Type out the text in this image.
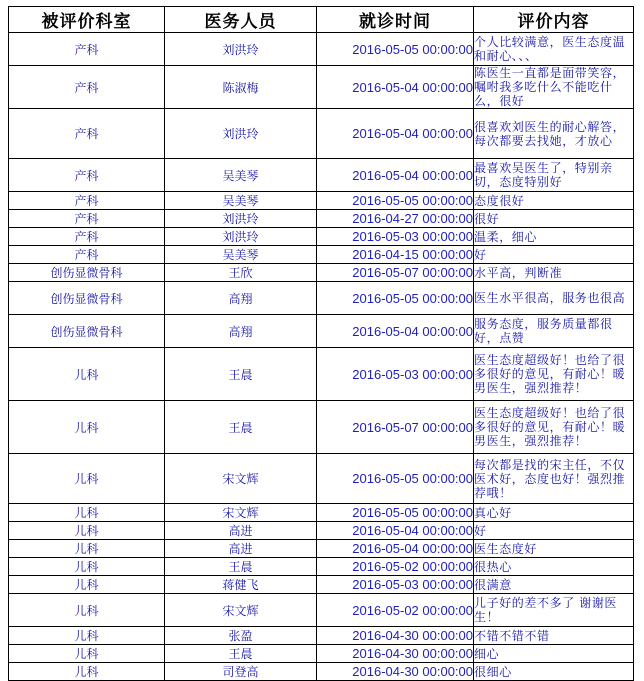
被评价科室	医务人员	就诊时间	评价内容
产科	刘洪玲	2016-05-05 00:00:00	个人比较满意，医生态度温和耐心、、、
产科	陈淑梅	2016-05-04 00:00:00	陈医生一直都是面带笑容，嘱咐我多吃什么不能吃什么，很好
产科	刘洪玲	2016-05-04 00:00:00	很喜欢刘医生的耐心解答，每次都要去找她，才放心
产科	吴美琴	2016-05-04 00:00:00	最喜欢吴医生了，特别亲切，态度特别好
产科	吴美琴	2016-05-05 00:00:00	态度很好
产科	刘洪玲	2016-04-27 00:00:00	很好
产科	刘洪玲	2016-05-03 00:00:00	温柔，细心
产科	吴美琴	2016-04-15 00:00:00	好
创伤显微骨科	王欣	2016-05-07 00:00:00	水平高，判断准
创伤显微骨科	高翔	2016-05-05 00:00:00	医生水平很高，服务也很高
创伤显微骨科	高翔	2016-05-04 00:00:00	服务态度，服务质量都很好，点赞
儿科	王晨	2016-05-03 00:00:00	医生态度超级好！也给了很多很好的意见，有耐心！暖男医生，强烈推荐！
儿科	王晨	2016-05-07 00:00:00	医生态度超级好！也给了很多很好的意见，有耐心！暖男医生，强烈推荐！
儿科	宋文辉	2016-05-05 00:00:00	每次都是找的宋主任，不仅医术好，态度也好！强烈推荐哦！
儿科	宋文辉	2016-05-05 00:00:00	真心好
儿科	高进	2016-05-04 00:00:00	好
儿科	高进	2016-05-04 00:00:00	医生态度好
儿科	王晨	2016-05-02 00:00:00	很热心
儿科	蒋健飞	2016-05-03 00:00:00	很满意
儿科	宋文辉	2016-05-02 00:00:00	儿子好的差不多了 谢谢医生！
儿科	张盈	2016-04-30 00:00:00	不错不错不错
儿科	王晨	2016-04-30 00:00:00	细心
儿科	司登高	2016-04-30 00:00:00	很细心
